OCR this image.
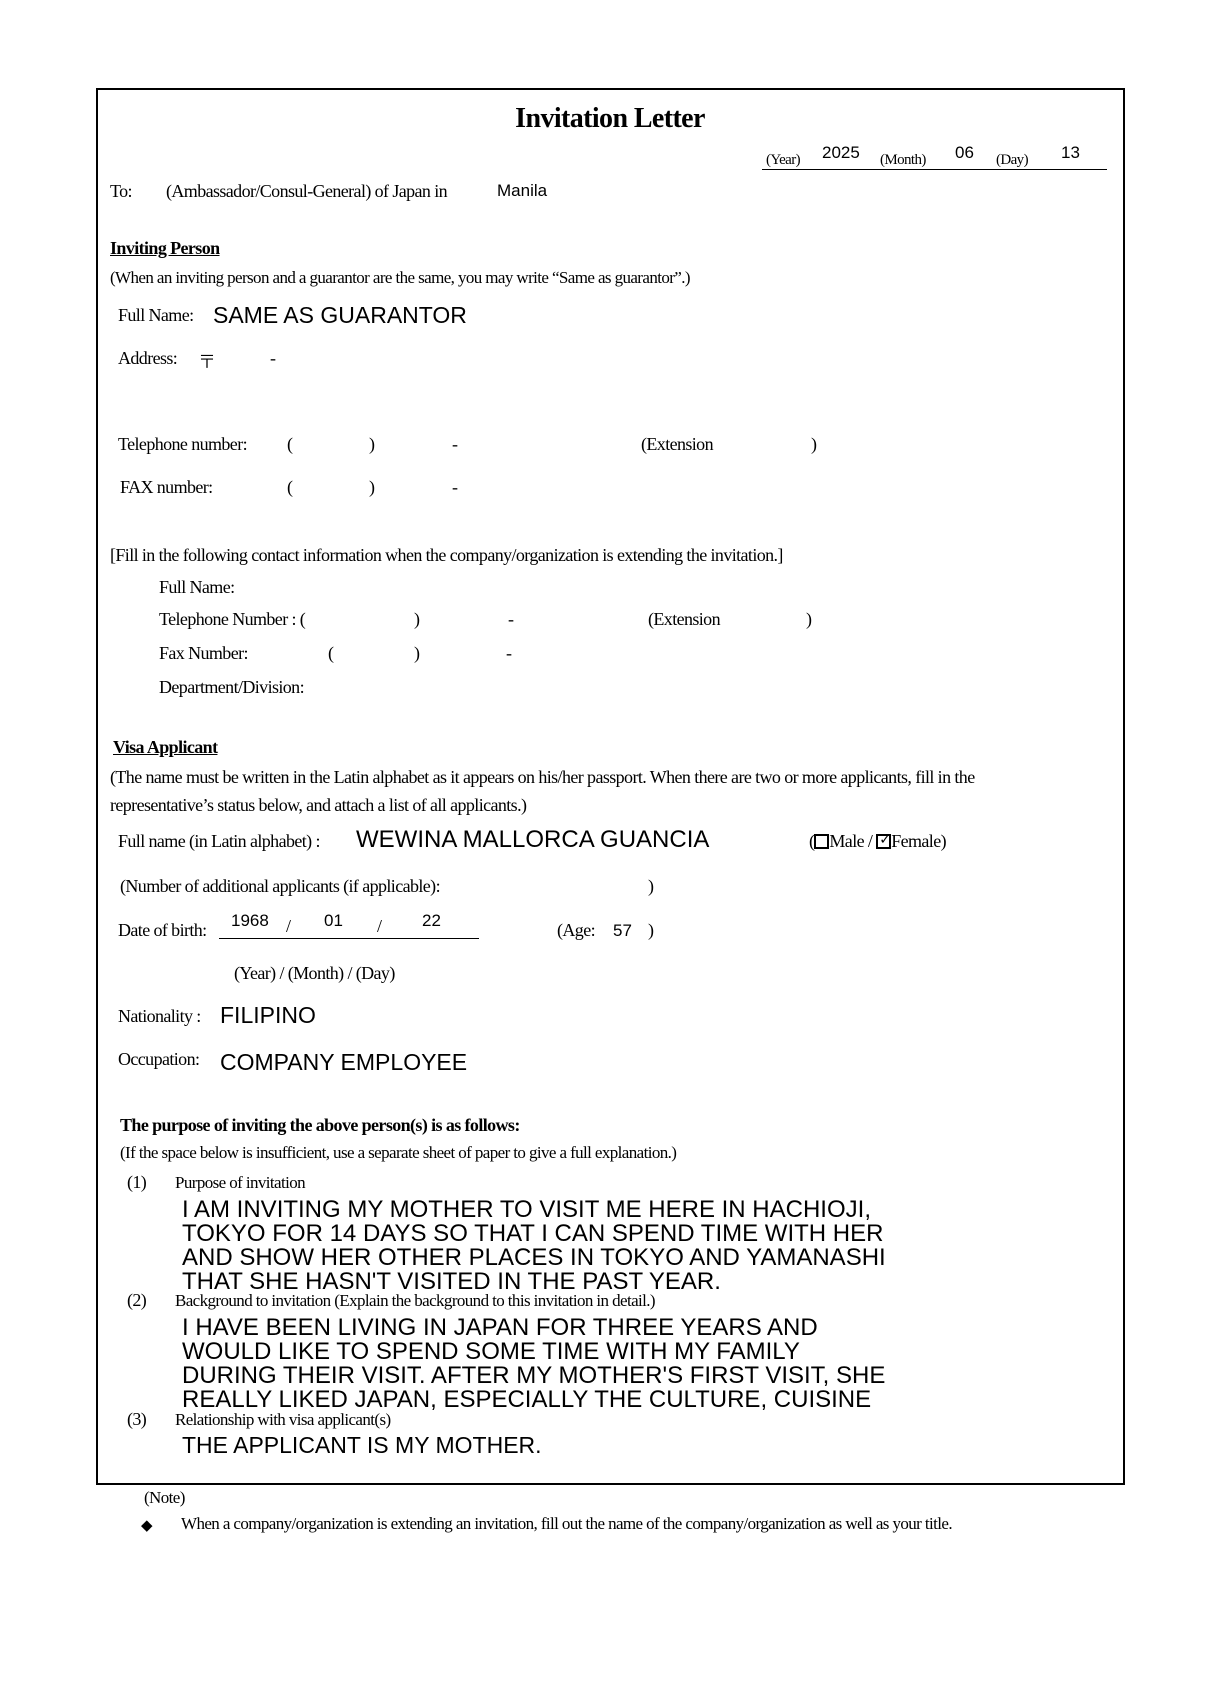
Invitation Letter
(Year) 2025 (Month) 06 (Day) 13
To: (Ambassador/Consul-General) of Japan in	Manila
Inviting Person
(When an inviting person and a guarantor are the same, you may write “Same as guarantor”.)
Full Name: SAME AS GUARANTOR
Address: 〒	-
Telephone number: (	)	-	(Extension	)
FAX number:	(	)	-
[Fill in the following contact information when the company/organization is extending the invitation.]
Full Name:
Telephone Number : (	)	-	(Extension	)
Fax Number:	(	)	-
Department/Division:
Visa Applicant
(The name must be written in the Latin alphabet as it appears on his/her passport. When there are two or more applicants, fill in the
representative’s status below, and attach a list of all applicants.)
Full name (in Latin alphabet) : WEWINA MALLORCA GUANCIA	( Male / ✓ Female)
(Number of additional applicants (if applicable):	)
Date of birth: 1968 / 01 / 22	(Age: 57 )
(Year) / (Month) / (Day)
Nationality : FILIPINO
Occupation: COMPANY EMPLOYEE
The purpose of inviting the above person(s) is as follows:
(If the space below is insufficient, use a separate sheet of paper to give a full explanation.)
(1) Purpose of invitation
I AM INVITING MY MOTHER TO VISIT ME HERE IN HACHIOJI,
TOKYO FOR 14 DAYS SO THAT I CAN SPEND TIME WITH HER
AND SHOW HER OTHER PLACES IN TOKYO AND YAMANASHI
THAT SHE HASN'T VISITED IN THE PAST YEAR.
(2) Background to invitation (Explain the background to this invitation in detail.)
I HAVE BEEN LIVING IN JAPAN FOR THREE YEARS AND
WOULD LIKE TO SPEND SOME TIME WITH MY FAMILY
DURING THEIR VISIT. AFTER MY MOTHER'S FIRST VISIT, SHE
REALLY LIKED JAPAN, ESPECIALLY THE CULTURE, CUISINE
(3) Relationship with visa applicant(s)
THE APPLICANT IS MY MOTHER.
(Note)
◆ When a company/organization is extending an invitation, fill out the name of the company/organization as well as your title.
